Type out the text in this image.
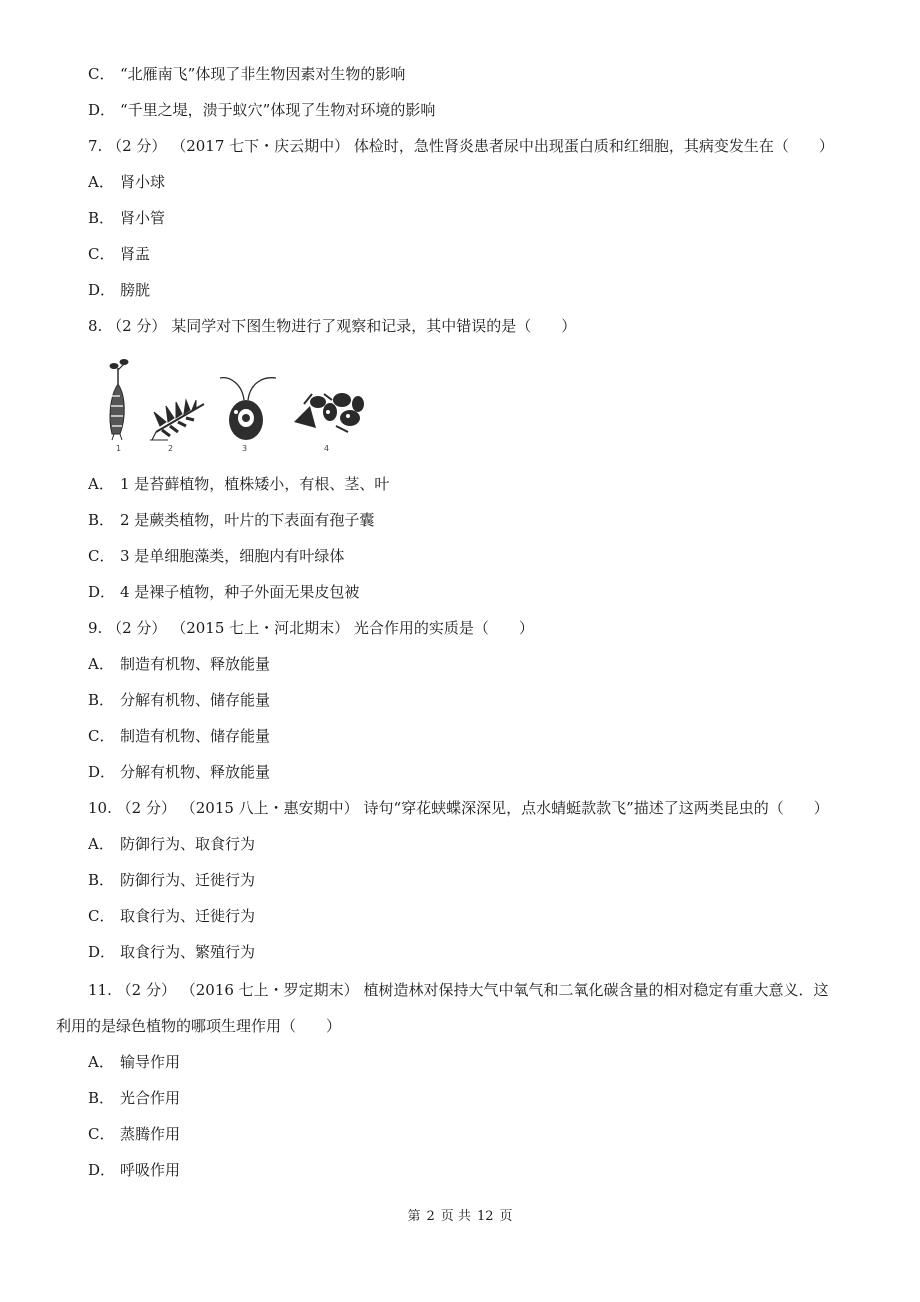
C． “北雁南飞”体现了非生物因素对生物的影响
D． “千里之堤，溃于蚁穴”体现了生物对环境的影响
7. （2 分） （2017 七下・庆云期中） 体检时，急性肾炎患者尿中出现蛋白质和红细胞，其病变发生在（　　）
A． 肾小球
B． 肾小管
C． 肾盂
D． 膀胱
8. （2 分） 某同学对下图生物进行了观察和记录，其中错误的是（　　）
1	2	3	4
A． 1 是苔藓植物，植株矮小，有根、茎、叶
B． 2 是蕨类植物，叶片的下表面有孢子囊
C． 3 是单细胞藻类，细胞内有叶绿体
D． 4 是裸子植物，种子外面无果皮包被
9. （2 分） （2015 七上・河北期末） 光合作用的实质是（　　）
A． 制造有机物、释放能量
B． 分解有机物、储存能量
C． 制造有机物、储存能量
D． 分解有机物、释放能量
10. （2 分） （2015 八上・惠安期中） 诗句“穿花蛱蝶深深见，点水蜻蜓款款飞”描述了这两类昆虫的（　　）
A． 防御行为、取食行为
B． 防御行为、迁徙行为
C． 取食行为、迁徙行为
D． 取食行为、繁殖行为
11. （2 分） （2016 七上・罗定期末） 植树造林对保持大气中氧气和二氧化碳含量的相对稳定有重大意义．这
利用的是绿色植物的哪项生理作用（　　）
A． 输导作用
B． 光合作用
C． 蒸腾作用
D． 呼吸作用
第 2 页 共 12 页
